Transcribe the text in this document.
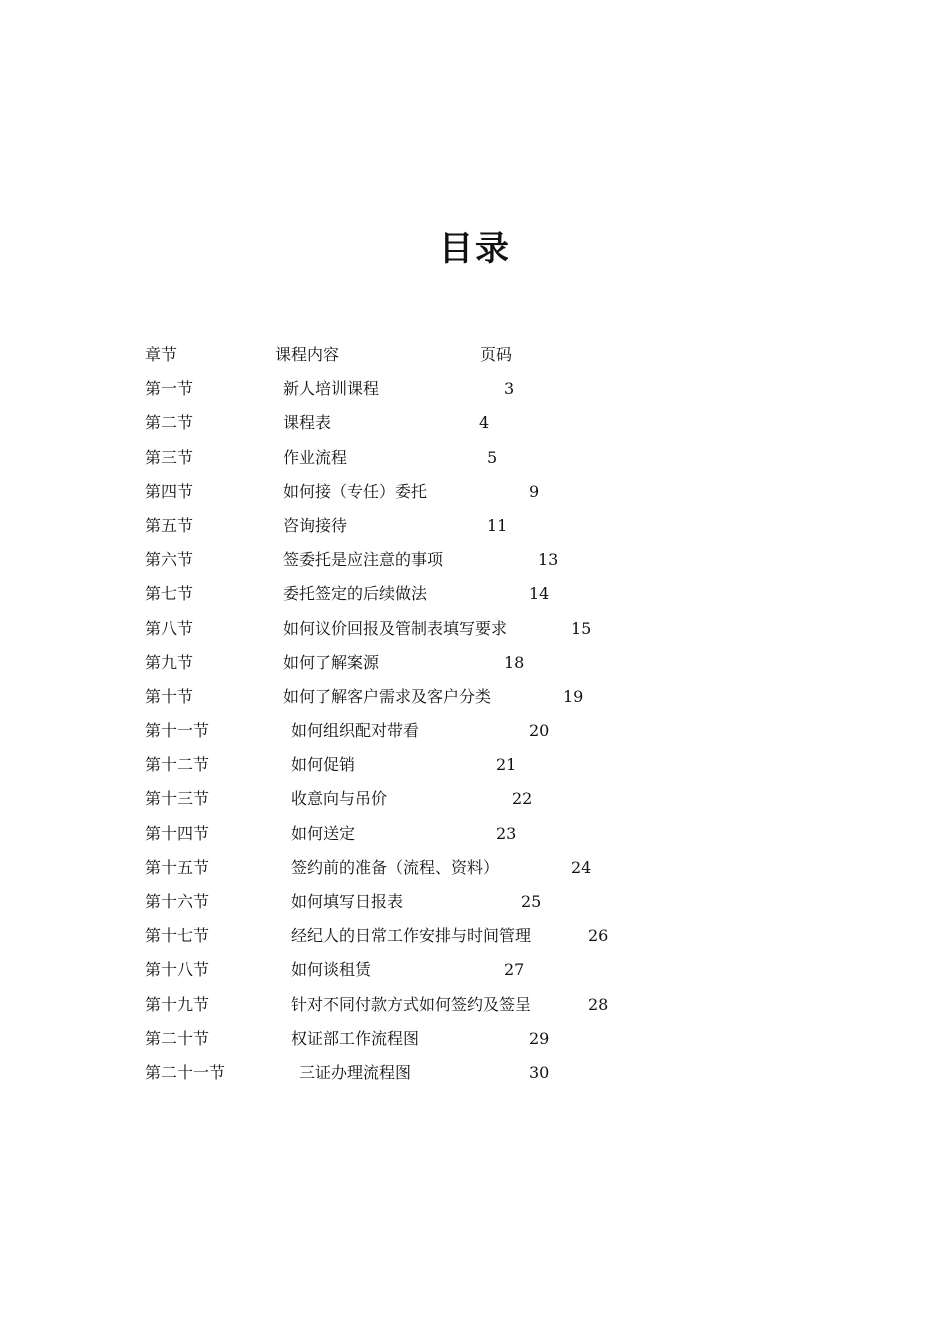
目录
章节	课程内容	页码
第一节	新人培训课程	3
第二节	课程表	4
第三节	作业流程	5
第四节	如何接（专任）委托	9
第五节	咨询接待	11
第六节	签委托是应注意的事项	13
第七节	委托签定的后续做法	14
第八节	如何议价回报及管制表填写要求	15
第九节	如何了解案源	18
第十节	如何了解客户需求及客户分类	19
第十一节	如何组织配对带看	20
第十二节	如何促销	21
第十三节	收意向与吊价	22
第十四节	如何送定	23
第十五节	签约前的准备（流程、资料）	24
第十六节	如何填写日报表	25
第十七节	经纪人的日常工作安排与时间管理	26
第十八节	如何谈租赁	27
第十九节	针对不同付款方式如何签约及签呈	28
第二十节	权证部工作流程图	29
第二十一节	三证办理流程图	30
